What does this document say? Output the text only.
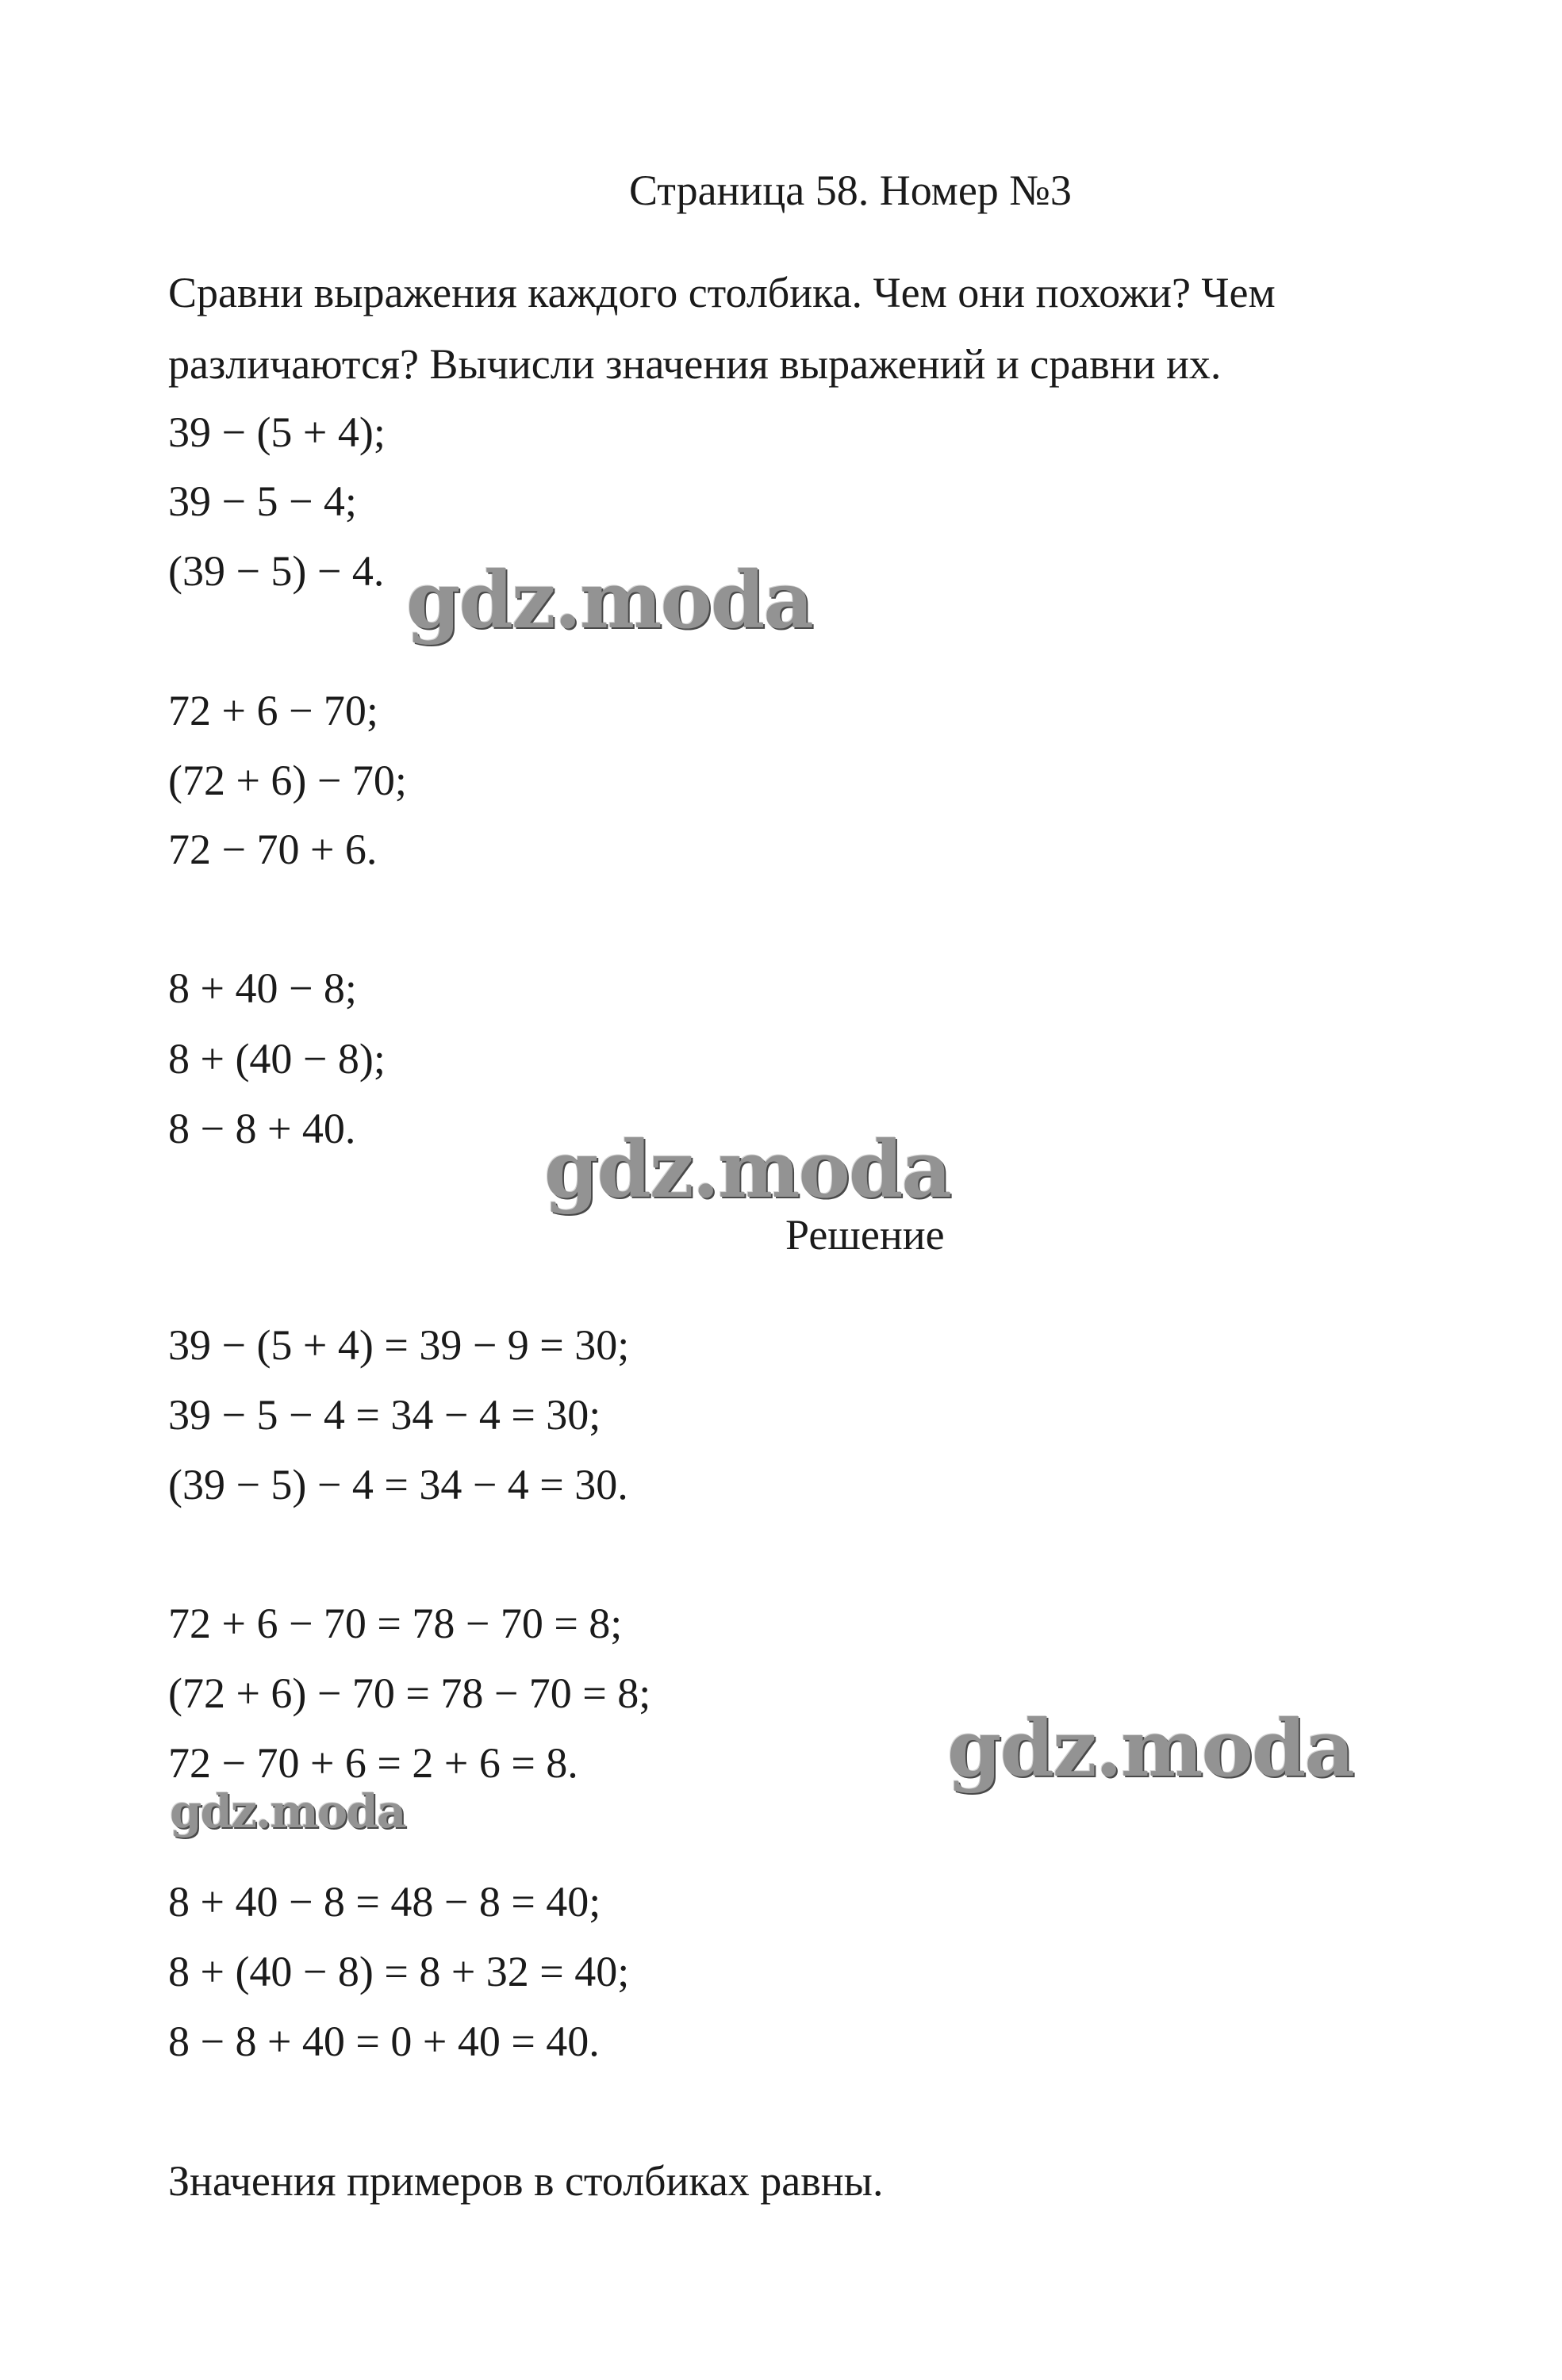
Страница 58. Номер №3
Сравни выражения каждого столбика. Чем они похожи? Чем
различаются? Вычисли значения выражений и сравни их.
39 − (5 + 4);
39 − 5 − 4;
(39 − 5) − 4.
72 + 6 − 70;
(72 + 6) − 70;
72 − 70 + 6.
8 + 40 − 8;
8 + (40 − 8);
8 − 8 + 40.
Решение
39 − (5 + 4) = 39 − 9 = 30;
39 − 5 − 4 = 34 − 4 = 30;
(39 − 5) − 4 = 34 − 4 = 30.
72 + 6 − 70 = 78 − 70 = 8;
(72 + 6) − 70 = 78 − 70 = 8;
72 − 70 + 6 = 2 + 6 = 8.
8 + 40 − 8 = 48 − 8 = 40;
8 + (40 − 8) = 8 + 32 = 40;
8 − 8 + 40 = 0 + 40 = 40.
Значения примеров в столбиках равны.
gdz.moda
gdz.moda
gdz.moda
gdz.moda
